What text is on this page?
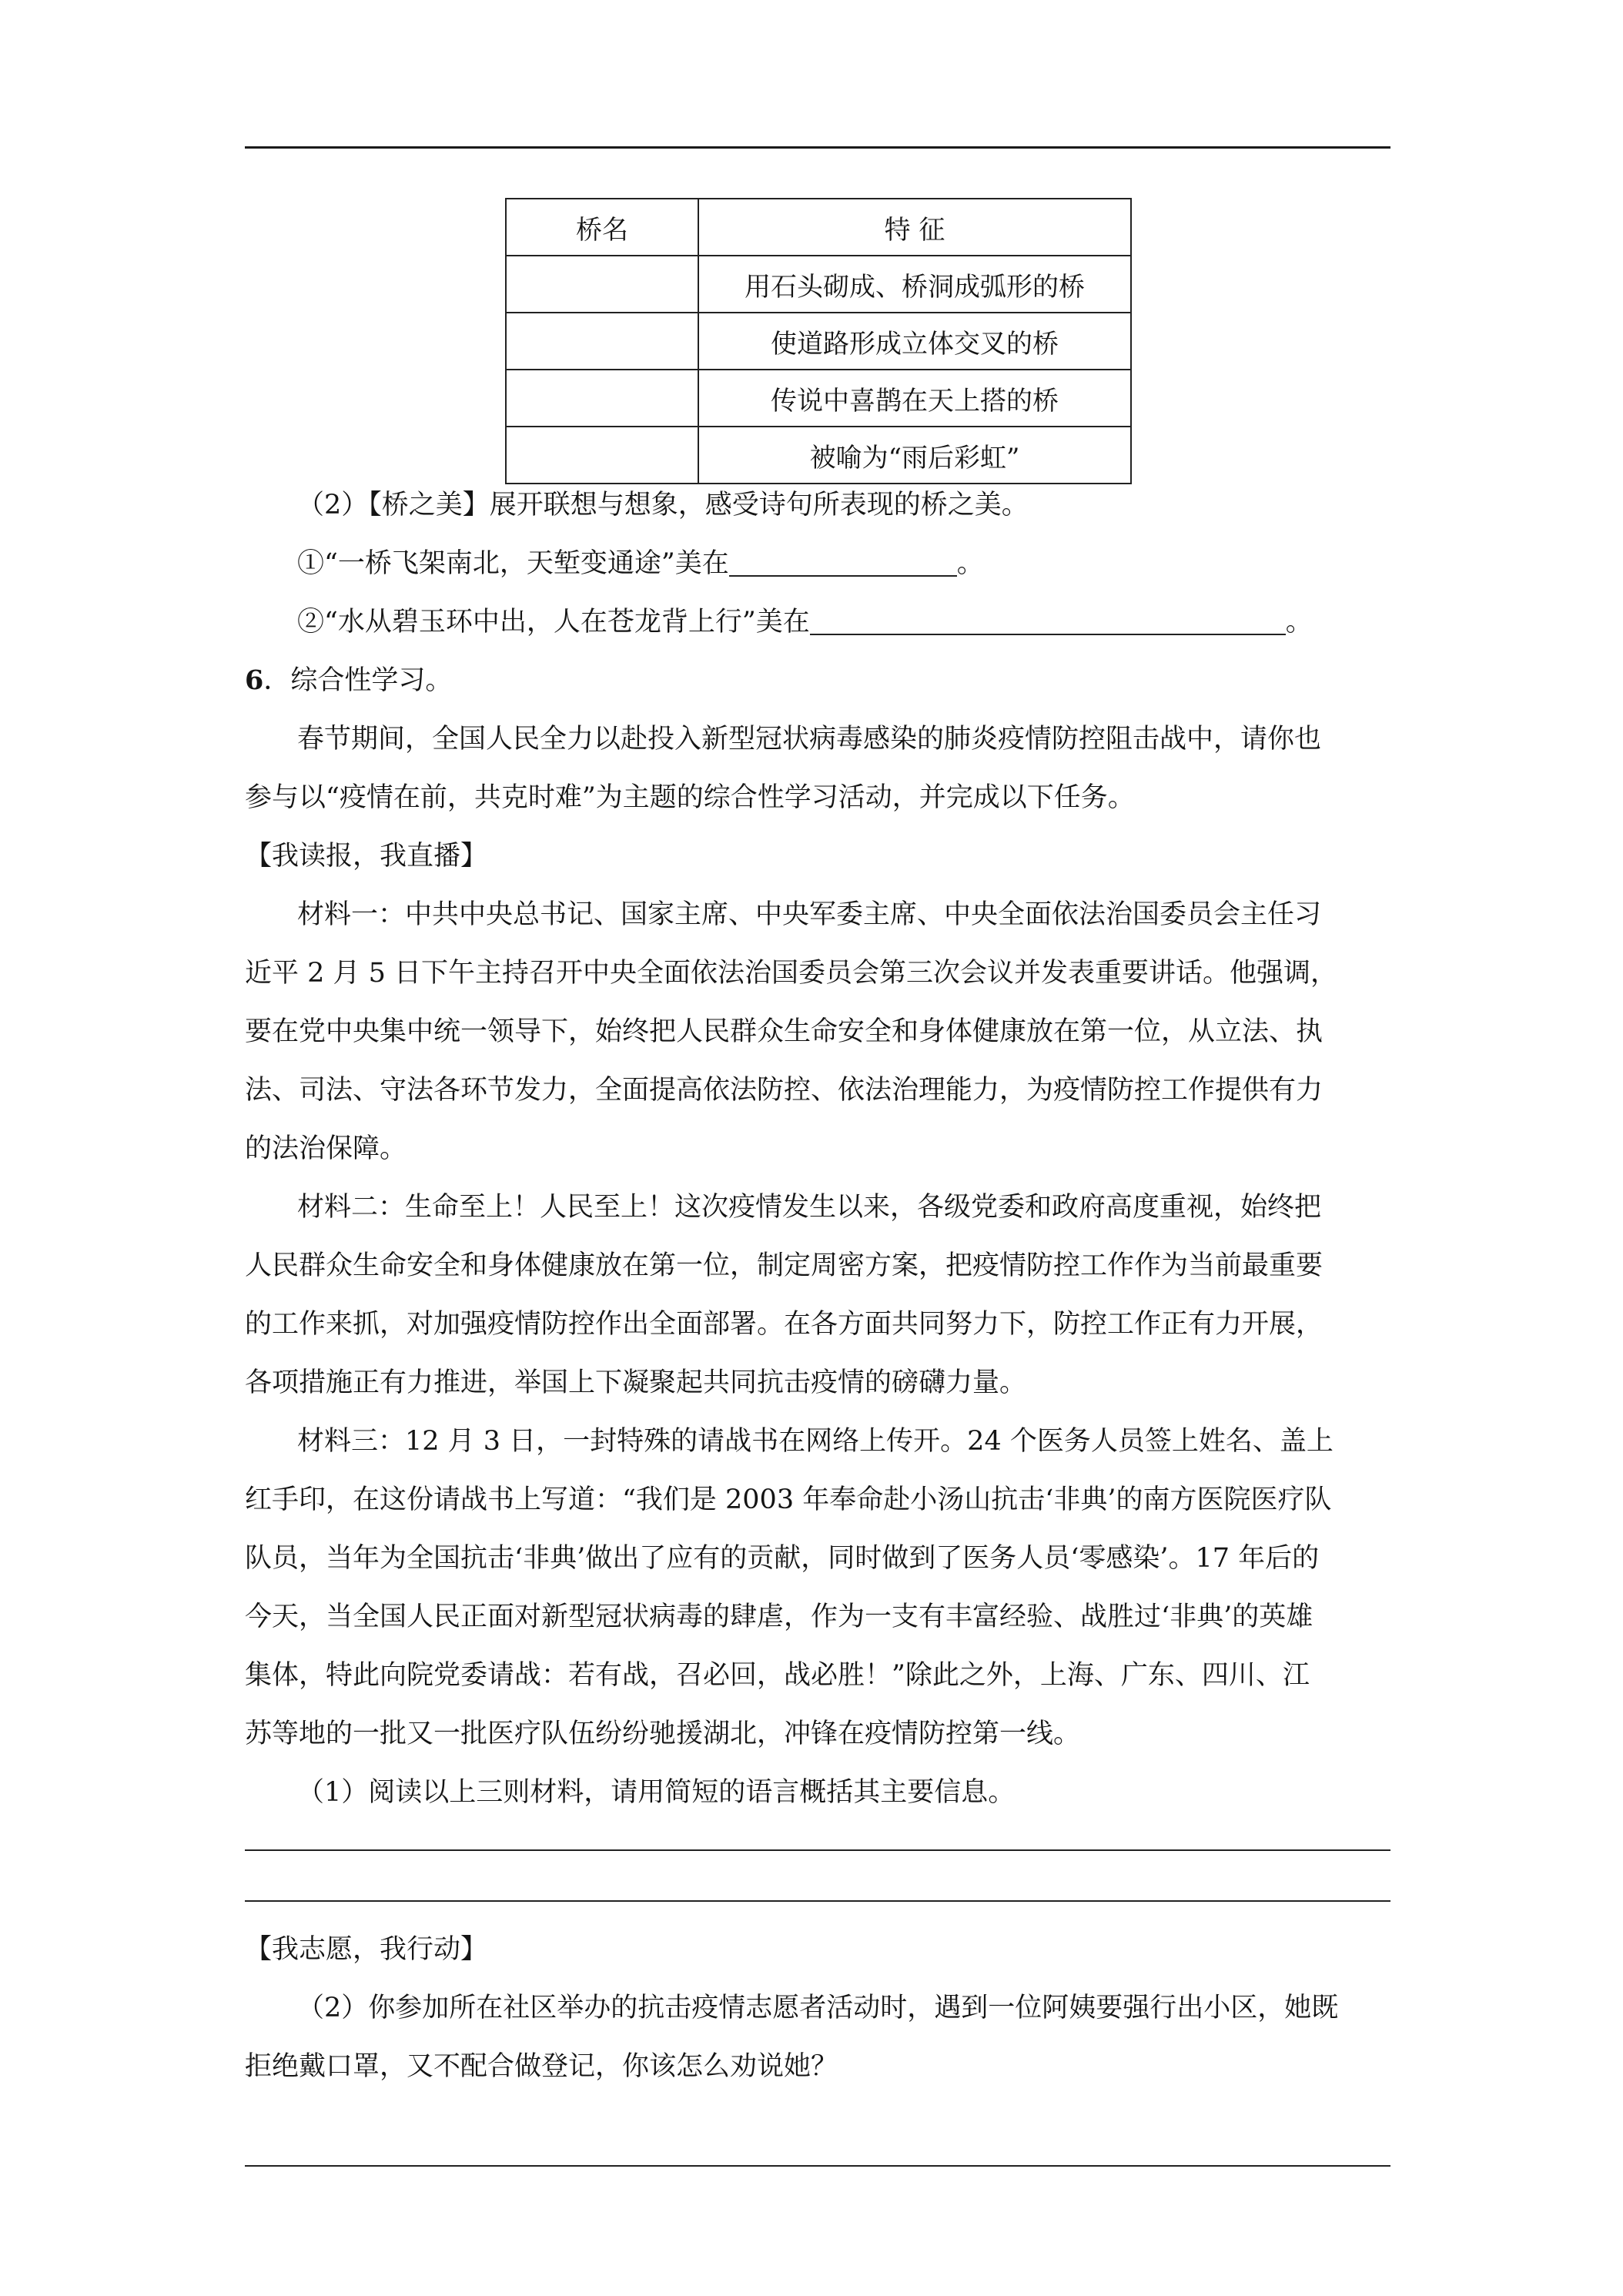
桥名	特 征
	用石头砌成、桥洞成弧形的桥
	使道路形成立体交叉的桥
	传说中喜鹊在天上搭的桥
	被喻为“雨后彩虹”
（2）【桥之美】展开联想与想象，感受诗句所表现的桥之美。
①“一桥飞架南北，天堑变通途”美在	。
②“水从碧玉环中出，人在苍龙背上行”美在	。
6．综合性学习。
春节期间，全国人民全力以赴投入新型冠状病毒感染的肺炎疫情防控阻击战中，请你也
参与以“疫情在前，共克时难”为主题的综合性学习活动，并完成以下任务。
【我读报，我直播】
材料一：中共中央总书记、国家主席、中央军委主席、中央全面依法治国委员会主任习
近平 2 月 5 日下午主持召开中央全面依法治国委员会第三次会议并发表重要讲话。他强调，
要在党中央集中统一领导下，始终把人民群众生命安全和身体健康放在第一位，从立法、执
法、司法、守法各环节发力，全面提高依法防控、依法治理能力，为疫情防控工作提供有力
的法治保障。
材料二：生命至上！人民至上！这次疫情发生以来，各级党委和政府高度重视，始终把
人民群众生命安全和身体健康放在第一位，制定周密方案，把疫情防控工作作为当前最重要
的工作来抓，对加强疫情防控作出全面部署。在各方面共同努力下，防控工作正有力开展，
各项措施正有力推进，举国上下凝聚起共同抗击疫情的磅礴力量。
材料三：12 月 3 日，一封特殊的请战书在网络上传开。24 个医务人员签上姓名、盖上
红手印，在这份请战书上写道：“我们是 2003 年奉命赴小汤山抗击‘非典’的南方医院医疗队
队员，当年为全国抗击‘非典’做出了应有的贡献，同时做到了医务人员‘零感染’。17 年后的
今天，当全国人民正面对新型冠状病毒的肆虐，作为一支有丰富经验、战胜过‘非典’的英雄
集体，特此向院党委请战：若有战，召必回，战必胜！”除此之外，上海、广东、四川、江
苏等地的一批又一批医疗队伍纷纷驰援湖北，冲锋在疫情防控第一线。
（1）阅读以上三则材料，请用简短的语言概括其主要信息。
【我志愿，我行动】
（2）你参加所在社区举办的抗击疫情志愿者活动时，遇到一位阿姨要强行出小区，她既
拒绝戴口罩，又不配合做登记，你该怎么劝说她？
